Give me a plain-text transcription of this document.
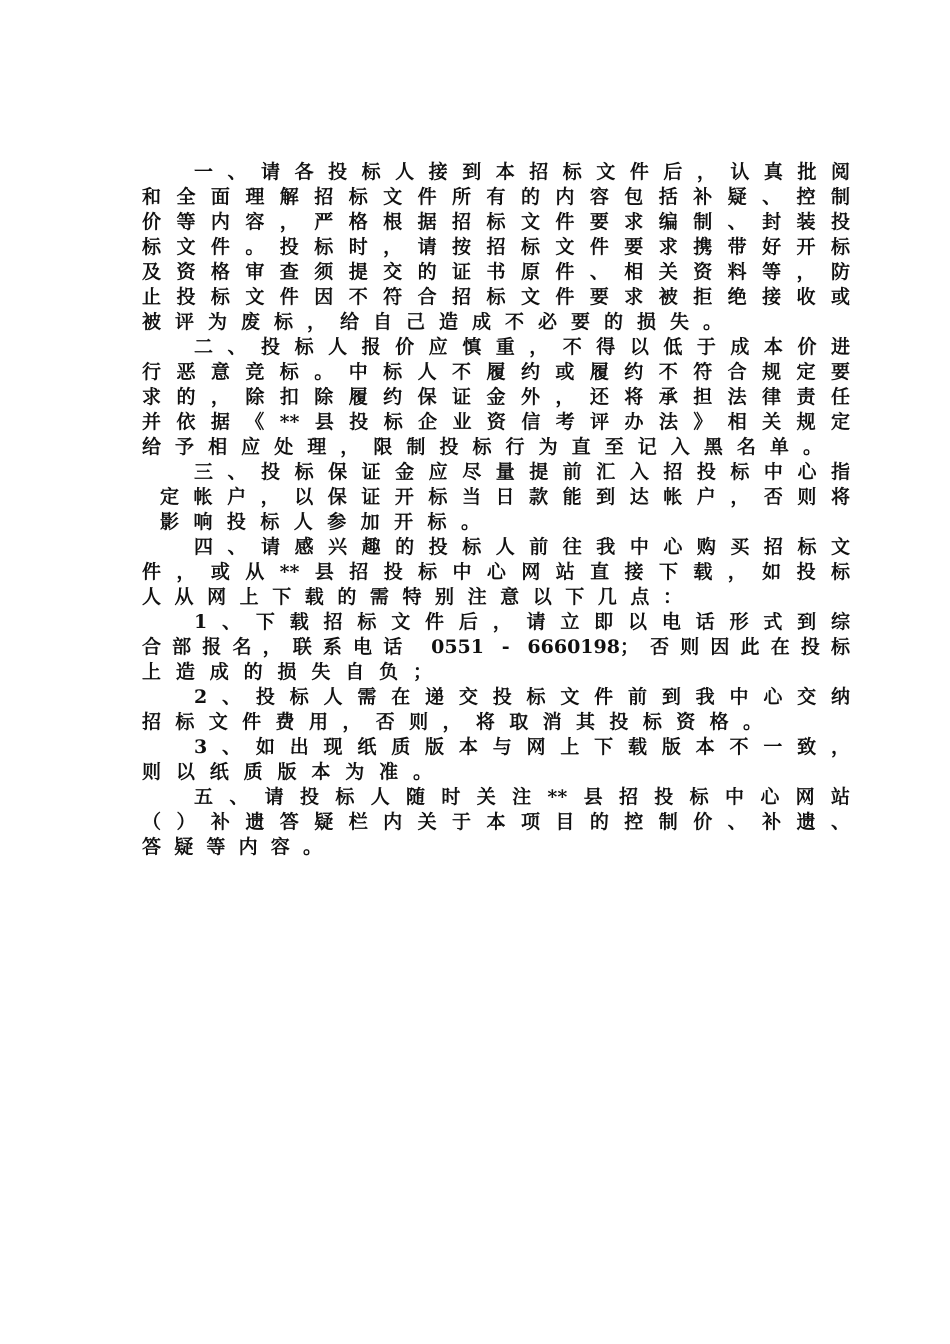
一、请各投标人接到本招标文件后，认真批阅
和全面理解招标文件所有的内容包括补疑、控制
价等内容，严格根据招标文件要求编制、封装投
标文件。投标时，请按招标文件要求携带好开标
及资格审查须提交的证书原件、相关资料等，防
止投标文件因不符合招标文件要求被拒绝接收或
被评为废标，给自己造成不必要的损失。
二、投标人报价应慎重，不得以低于成本价进
行恶意竞标。中标人不履约或履约不符合规定要
求的，除扣除履约保证金外，还将承担法律责任
并依据《**县投标企业资信考评办法》相关规定
给予相应处理，限制投标行为直至记入黑名单。
三、投标保证金应尽量提前汇入招投标中心指
定帐户，以保证开标当日款能到达帐户，否则将
影响投标人参加开标。
四、请感兴趣的投标人前往我中心购买招标文
件，或从**县招投标中心网站直接下载，如投标
人从网上下载的需特别注意以下几点：
1、下载招标文件后，请立即以电话形式到综
合部报名，联系电话 0551 - 6660198；否则因此在投标
上造成的损失自负；
2、投标人需在递交投标文件前到我中心交纳
招标文件费用，否则，将取消其投标资格。
3、如出现纸质版本与网上下载版本不一致，
则以纸质版本为准。
五、请投标人随时关注**县招投标中心网站
（）补遗答疑栏内关于本项目的控制价、补遗、
答疑等内容。
